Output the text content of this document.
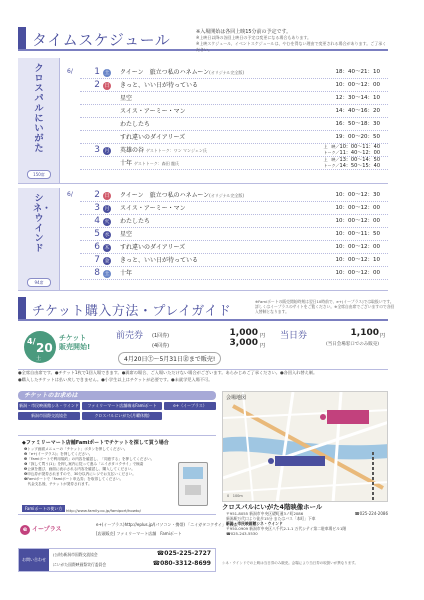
タイムスケジュール	※入場開始は各回上映15分前の予定です。
※上映日以降の各回上映日の予定は変更になる場合もあります。
※上映スケジュール、イベントスケジュールは、やむを得ない理由で変更される場合があります。ご了承ください。
クロスパルにいがた
150席
6/	1 土 クイーン　旅立つ私のハネムーン(オリジナル完全版)	18：40～21：10
2 日 きっと、いい日が待っている	10：00～12：00
星空	12：30～14：10
スイス・アーミー・マン	14：40～16：20
わたしたち	16：50～18：30
すれ違いのダイアリーズ	19：00～20：50
3 月 英雄の谷 ゲストトーク：ワン マンジェン氏
上　映／10：00～11：40
トーク／11：40～12：00
十年 ゲストトーク：森田 龍氏
上　映／13：00～14：50
トーク／14：50～15：40
シネ・ウインド
94席
6/	2 日 クイーン　旅立つ私のハネムーン(オリジナル完全版)	10：00～12：30
3 月 スイス・アーミー・マン	10：00～12：00
4 火 わたしたち	10：00～12：00
5 水 星空	10：00～11：50
6 木 すれ違いのダイアリーズ	10：00～12：00
7 金 きっと、いい日が待っている	10：00～12：10
8 土 十年	10：00～12：00
チケット購入方法・プレイガイド
※Famiポートの販売開始時刻は翌日10時前で、e+(イープラス)では取扱いです。詳しくはイープラスのサイトをご覧ください。※全席自由席でございますので各回入替制となります。
4/ 20
土
チケット
販売開始!
前売券 (1回券)	1,000 円
(4回券)	3,000 円
4月20日㊏～5月31日㊎まで販売!
当日券	1,100 円
(当日会場窓口でのみ販売)
●全席自由席です。●チケット1枚で1回入場できます。●満席の場合、ご入場いただけない場合がございます。あらかじめご了承ください。●各回入れ替え制。
●購入したチケットは払い戻しできません。●小学生以上はチケットが必要です。●未就学児入場不可。
チケットのお求めは
新潟・市民映画館シネ・ウインド	ファミリーマート店舗端末Famiポート	e+（イープラス）
新潟市国際交流協会	クロスパルにいがた(月曜休館)
◆ファミリーマート店舗Famiポートでチケットを探して買う場合
❶トップ画面メニューの「チケット」ボタンを押してください。
❷「e+(イープラス)」を押してください。
❸「Famiポートで利用規約」の内容を確認し、「同意する」を押してください。
❹「探して買う(1)」を押し案内に従って進み「ニイガタコクサイ」で検索
❺公演を選び、画面に表示される内容を確認し、購入してください。
❻申込券が発券されますので、30分以内にレジでお支払いください。
❼Famiポートで「Famiポート申込券」を取得してください。
　代金支払後、チケットが発券されます。
Famiポートの使い方 http://www.family.co.jp/famiport/howto/
e イープラス
e+(イープラス)http://eplus.jp/(パソコン・携帯) 「ニイガタコクサイ」で検索
[店頭販売] ファミリーマート店舗　Famiポート
会場地図
0　100m
クロスパルにいがた4階映像ホール
〒951-8055 新潟市中央区礎町通3ノ町2086
新潟駅万代口より徒歩15分 またはバス「本町」下車
新潟・市民映画館シネ・ウインド
〒950-0909 新潟市中央区八千代2-1-1 万代シテイ第二駐車場ビル1階
☎025-243-5530
☎025-224-2086
お問い合わせ
(公財)新潟市国際交流協会	☎025-225-2727
にいがた国際映画祭実行委員会	☎080-3312-8699	シネ・ウインドでの上映は当日券のみ販売。会場により当日券の取扱いが異なります。
